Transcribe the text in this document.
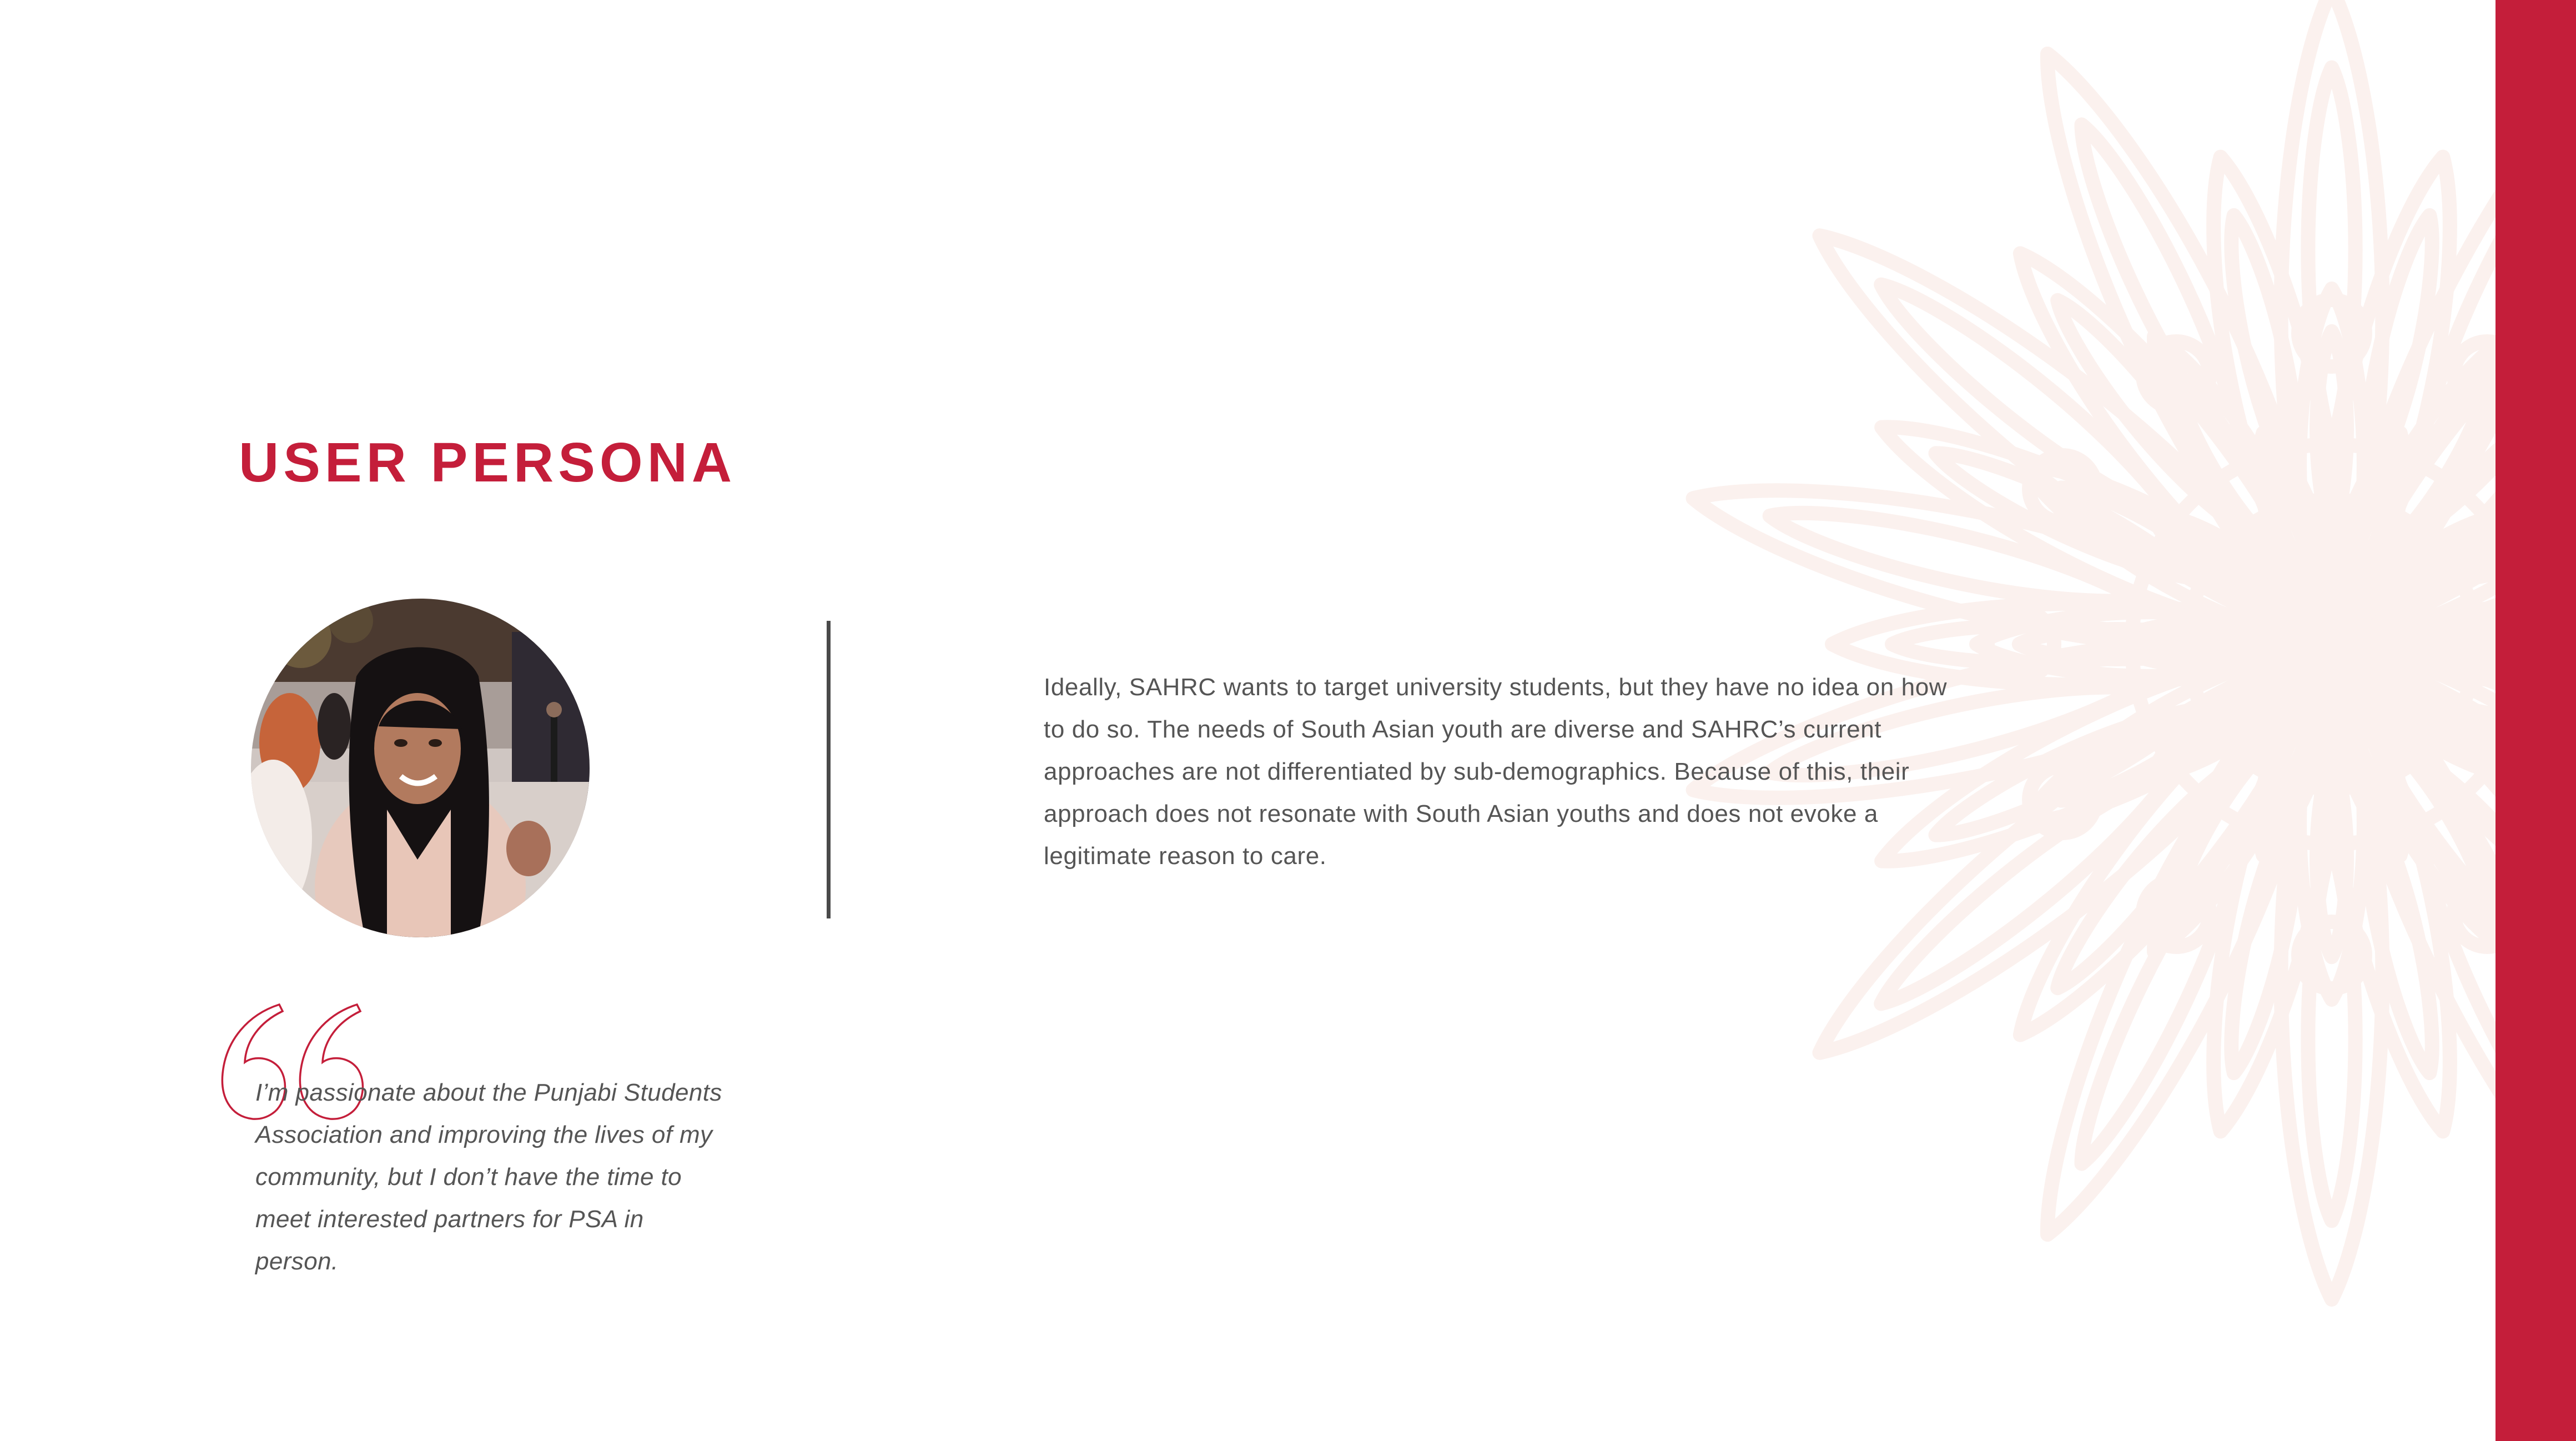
USER PERSONA

Ideally, SAHRC wants to target university students, but they have no idea on how to do so. The needs of South Asian youth are diverse and SAHRC’s current approaches are not differentiated by sub-demographics. Because of this, their approach does not resonate with South Asian youths and does not evoke a legitimate reason to care.

I’m passionate about the Punjabi Students Association and improving the lives of my community, but I don’t have the time to meet interested partners for PSA in person.
